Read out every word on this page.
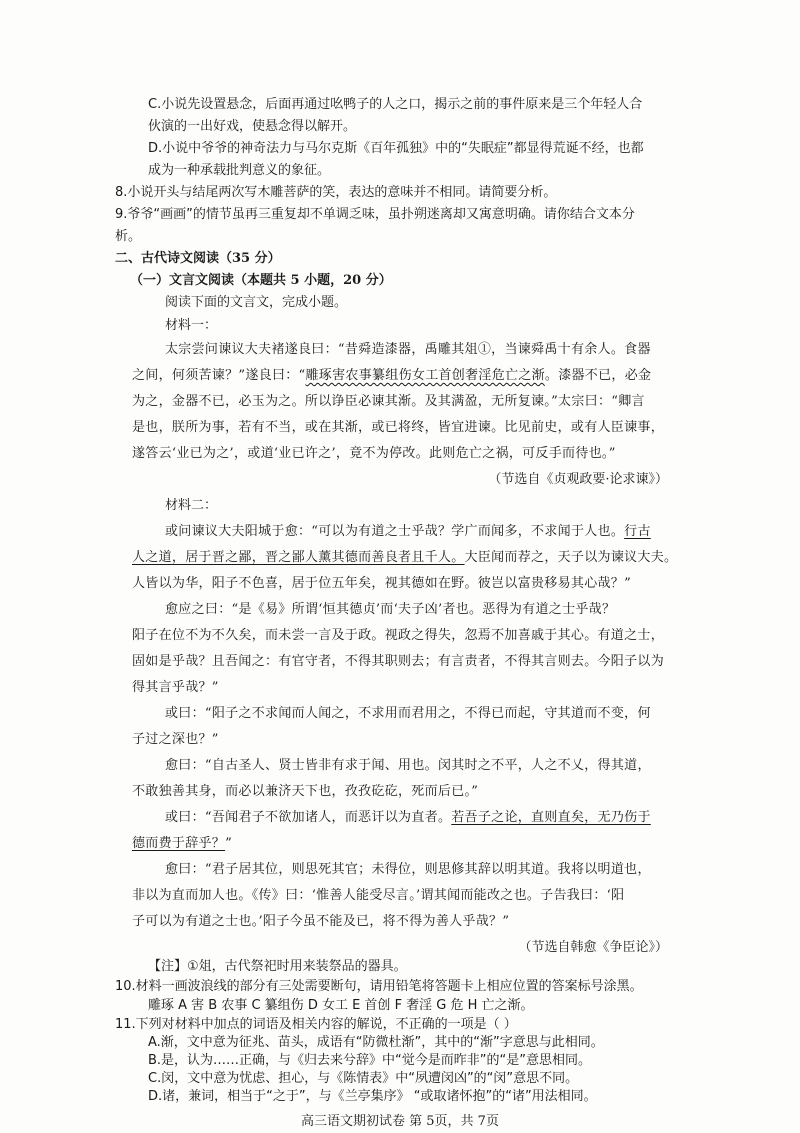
C.小说先设置悬念，后面再通过吆鸭子的人之口，揭示之前的事件原来是三个年轻人合
伙演的一出好戏，使悬念得以解开。
D.小说中爷爷的神奇法力与马尔克斯《百年孤独》中的“失眠症”都显得荒诞不经，也都
成为一种承载批判意义的象征。
8.小说开头与结尾两次写木雕菩萨的笑，表达的意味并不相同。请简要分析。
9.爷爷“画画”的情节虽再三重复却不单调乏味，虽扑朔迷离却又寓意明确。请你结合文本分
析。
二、古代诗文阅读（35 分）
（一）文言文阅读（本题共 5 小题，20 分）
阅读下面的文言文，完成小题。
材料一：
太宗尝问谏议大夫褚遂良曰：“昔舜造漆器，禹雕其俎①，当谏舜禹十有余人。食器
之间，何须苦谏？”遂良曰：“雕琢害农事纂组伤女工首创奢淫危亡之渐。漆器不已，必金
为之，金器不已，必玉为之。所以诤臣必谏其渐。及其满盈，无所复谏。”太宗曰：“卿言
是也，朕所为事，若有不当，或在其渐，或已将终，皆宜进谏。比见前史，或有人臣谏事，
遂答云‘业已为之’，或道‘业已许之’，竟不为停改。此则危亡之祸，可反手而待也。”
（节选自《贞观政要·论求谏》）
材料二：
或问谏议大夫阳城于愈：“可以为有道之士乎哉？学广而闻多，不求闻于人也。行古
人之道，居于晋之鄙，晋之鄙人薰其德而善良者且千人。大臣闻而荐之，天子以为谏议大夫。
人皆以为华，阳子不色喜，居于位五年矣，视其德如在野。彼岂以富贵移易其心哉？”
愈应之曰：“是《易》所谓‘恒其德贞’而‘夫子凶’者也。恶得为有道之士乎哉？
阳子在位不为不久矣，而未尝一言及于政。视政之得失，忽焉不加喜戚于其心。有道之士，
固如是乎哉？且吾闻之：有官守者，不得其职则去；有言责者，不得其言则去。今阳子以为
得其言乎哉？”
或曰：“阳子之不求闻而人闻之，不求用而君用之，不得已而起，守其道而不变，何
子过之深也？”
愈曰：“自古圣人、贤士皆非有求于闻、用也。闵其时之不平，人之不乂，得其道，
不敢独善其身，而必以兼济天下也，孜孜矻矻，死而后已。”
或曰：“吾闻君子不欲加诸人，而恶讦以为直者。若吾子之论，直则直矣，无乃伤于
德而费于辞乎？”
愈曰：“君子居其位，则思死其官；未得位，则思修其辞以明其道。我将以明道也，
非以为直而加人也。《传》曰：‘惟善人能受尽言。’谓其闻而能改之也。子告我曰：‘阳
子可以为有道之士也。’阳子今虽不能及已，将不得为善人乎哉？”
（节选自韩愈《争臣论》）
【注】①俎，古代祭祀时用来装祭品的器具。
10.材料一画波浪线的部分有三处需要断句，请用铅笔将答题卡上相应位置的答案标号涂黑。
雕琢 A 害 B 农事 C 纂组伤 D 女工 E 首创 F 奢淫 G 危 H 亡之渐。
11.下列对材料中加点的词语及相关内容的解说，不正确的一项是（ ）
A.渐，文中意为征兆、苗头，成语有“防微杜渐”，其中的“渐”字意思与此相同。
B.是，认为……正确，与《归去来兮辞》中“觉今是而昨非”的“是”意思相同。
高三语文期初试卷 第 5页，共 7页
C.闵，文中意为忧虑、担心，与《陈情表》中“夙遭闵凶”的“闵”意思不同。
D.诸，兼词，相当于“之于”，与《兰亭集序》 “或取诸怀抱”的“诸”用法相同。
